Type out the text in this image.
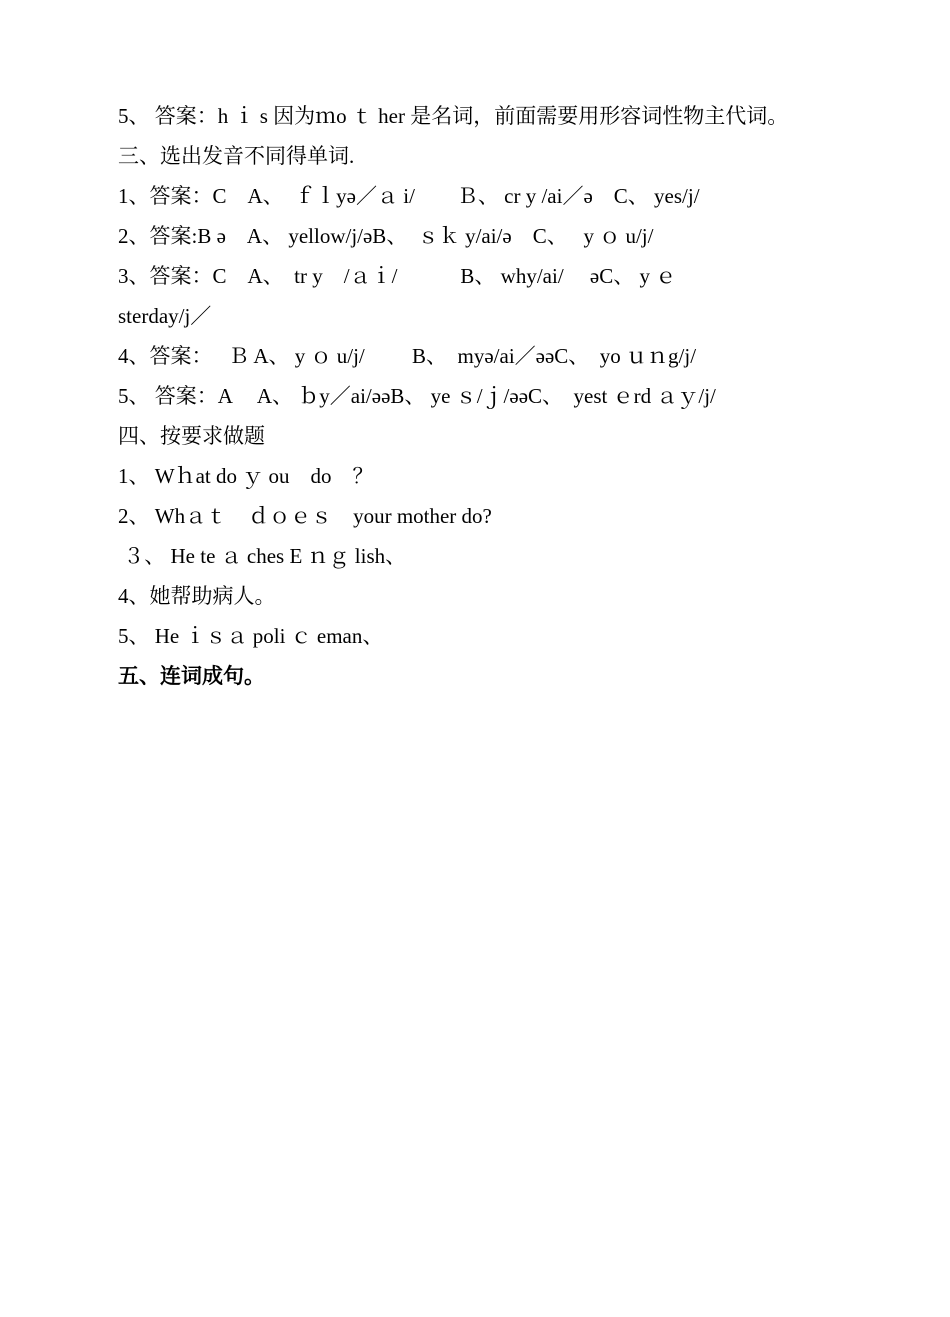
5、 答案：h ｉ s 因为ｍo ｔ her 是名词，前面需要用形容词性物主代词。
三、选出发音不同得单词.
1、答案：C　A、　ｆｌyǝ／ａ i/　　Ｂ、 cr y /ai／ǝ　C、 yes/j/
2、答案:B ǝ　A、 yellow/j/ǝB、　ｓｋ y/ai/ǝ　C、　 y ｏ u/j/
3、答案：C　A、　tr y　/ａｉ/　　　B、 why/ai/　 ǝC、 y ｅ
sterday/j／
4、答案：　 Ｂ A、 y ｏ u/j/　　 B、　myǝ/ai／ǝǝC、　yo ｕｎg/j/
5、 答案：A　 A、 ｂy／ai/ǝǝB、 ye ｓ/ｊ/ǝǝC、　yest ｅrd ａｙ/j/
四、按要求做题
1、 Wｈat do ｙ ou　do　？
2、 Whａｔ　ｄｏｅｓ　your mother do?
３、 He te ａ ches E ｎｇ lish、
4、她帮助病人。
5、 He ｉｓａ poli ｃ eman、
五、连词成句。
